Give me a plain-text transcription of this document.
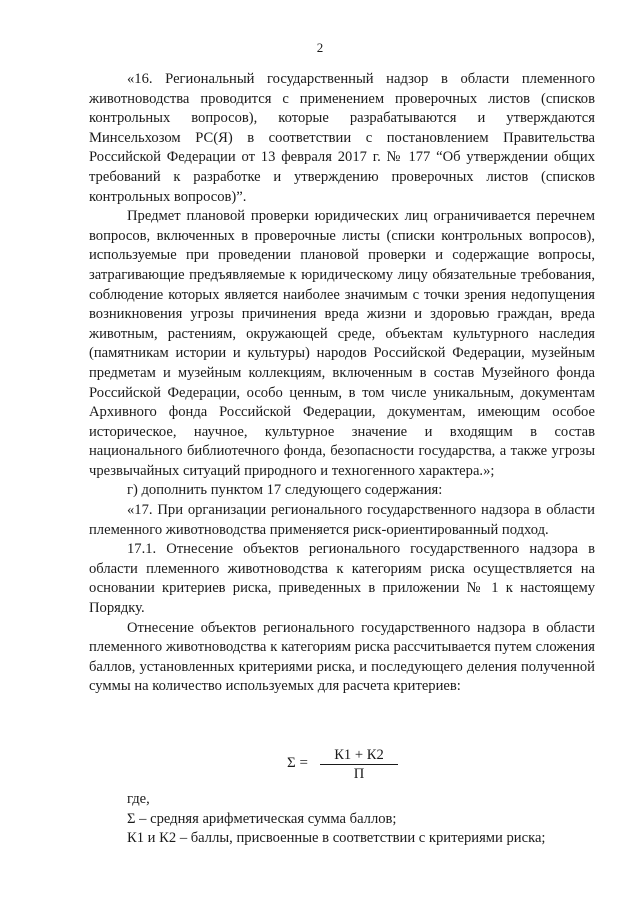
2

«16. Региональный государственный надзор в области племенного животноводства проводится с применением проверочных листов (списков контрольных вопросов), которые разрабатываются и утверждаются Минсельхозом РС(Я) в соответствии с постановлением Правительства Российской Федерации от 13 февраля 2017 г. № 177 “Об утверждении общих требований к разработке и утверждению проверочных листов (списков контрольных вопросов)”.

Предмет плановой проверки юридических лиц ограничивается перечнем вопросов, включенных в проверочные листы (списки контрольных вопросов), используемые при проведении плановой проверки и содержащие вопросы, затрагивающие предъявляемые к юридическому лицу обязательные требования, соблюдение которых является наиболее значимым с точки зрения недопущения возникновения угрозы причинения вреда жизни и здоровью граждан, вреда животным, растениям, окружающей среде, объектам культурного наследия (памятникам истории и культуры) народов Российской Федерации, музейным предметам и музейным коллекциям, включенным в состав Музейного фонда Российской Федерации, особо ценным, в том числе уникальным, документам Архивного фонда Российской Федерации, документам, имеющим особое историческое, научное, культурное значение и входящим в состав национального библиотечного фонда, безопасности государства, а также угрозы чрезвычайных ситуаций природного и техногенного характера.»;

г) дополнить пунктом 17 следующего содержания:

«17. При организации регионального государственного надзора в области племенного животноводства применяется риск-ориентированный подход.

17.1. Отнесение объектов регионального государственного надзора в области племенного животноводства к категориям риска осуществляется на основании критериев риска, приведенных в приложении № 1 к настоящему Порядку.

Отнесение объектов регионального государственного надзора в области племенного животноводства к категориям риска рассчитывается путем сложения баллов, установленных критериями риска, и последующего деления полученной суммы на количество используемых для расчета критериев:

Σ =	К1 + К2
П

где,

Σ – средняя арифметическая сумма баллов;

К1 и К2 – баллы, присвоенные в соответствии с критериями риска;
